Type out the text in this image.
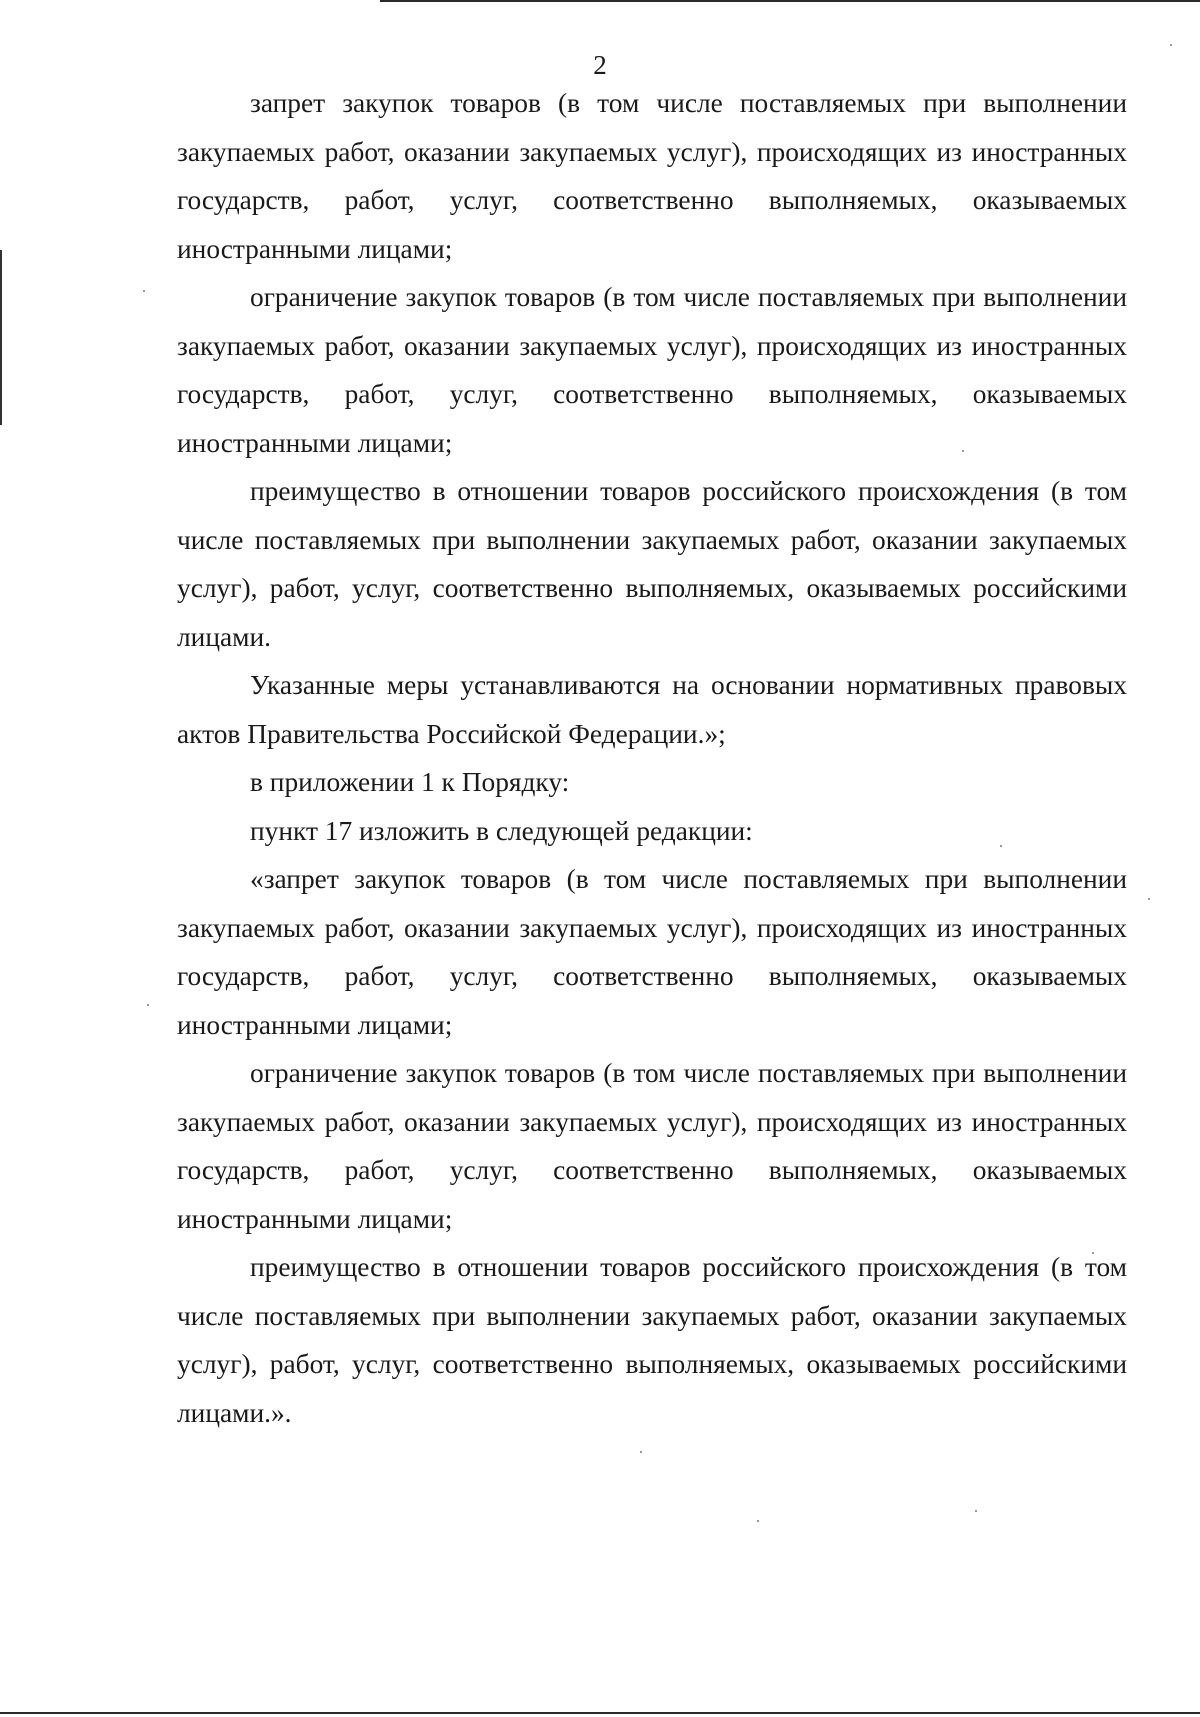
2

запрет закупок товаров (в том числе поставляемых при выполнении закупаемых работ, оказании закупаемых услуг), происходящих из иностранных государств, работ, услуг, соответственно выполняемых, оказываемых иностранными лицами;

ограничение закупок товаров (в том числе поставляемых при выполнении закупаемых работ, оказании закупаемых услуг), происходящих из иностранных государств, работ, услуг, соответственно выполняемых, оказываемых иностранными лицами;

преимущество в отношении товаров российского происхождения (в том числе поставляемых при выполнении закупаемых работ, оказании закупаемых услуг), работ, услуг, соответственно выполняемых, оказываемых российскими лицами.

Указанные меры устанавливаются на основании нормативных правовых актов Правительства Российской Федерации.»;

в приложении 1 к Порядку:

пункт 17 изложить в следующей редакции:

«запрет закупок товаров (в том числе поставляемых при выполнении закупаемых работ, оказании закупаемых услуг), происходящих из иностранных государств, работ, услуг, соответственно выполняемых, оказываемых иностранными лицами;

ограничение закупок товаров (в том числе поставляемых при выполнении закупаемых работ, оказании закупаемых услуг), происходящих из иностранных государств, работ, услуг, соответственно выполняемых, оказываемых иностранными лицами;

преимущество в отношении товаров российского происхождения (в том числе поставляемых при выполнении закупаемых работ, оказании закупаемых услуг), работ, услуг, соответственно выполняемых, оказываемых российскими лицами.».
